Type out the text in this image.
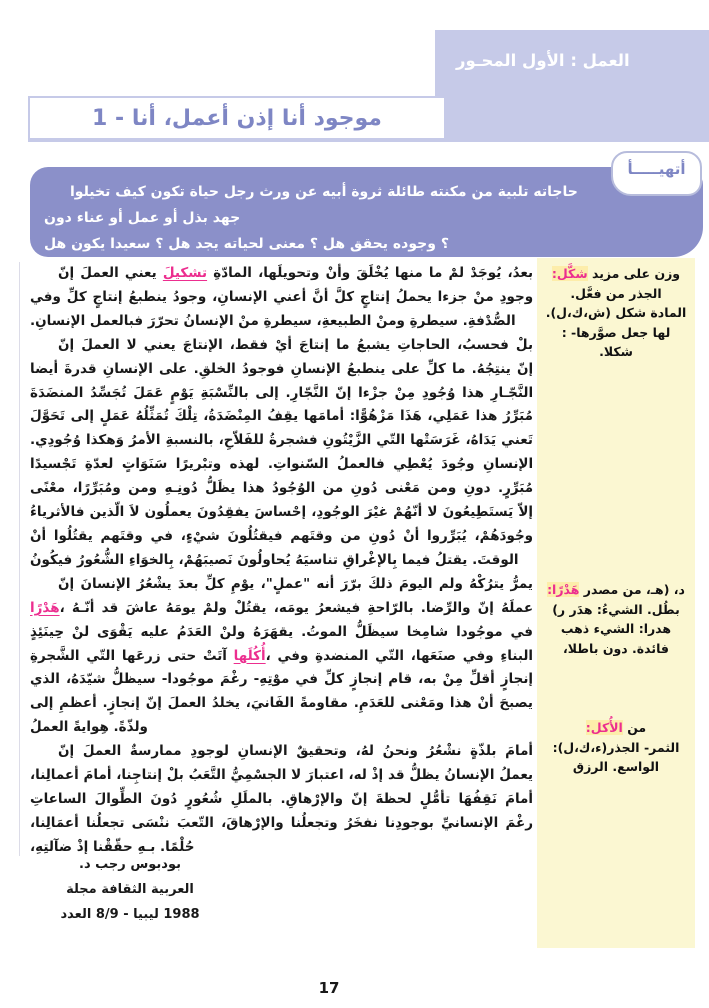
⁧المحـور⁩ ⁧الأول⁩ ⁧:⁩ ⁧العمل⁩
⁧1⁩ ⁧-⁩ ⁧أنا⁩ ⁧أعمل،⁩ ⁧إذن⁩ ⁧أنا⁩ ⁧موجود⁩
أتهيـــــأ
⁧تخيلوا⁩ ⁧كيف⁩ ⁧تكون⁩ ⁧حياة⁩ ⁧رجل⁩ ⁧ورث⁩ ⁧عن⁩ ⁧أبيه⁩ ⁧ثروة⁩ ⁧طائلة⁩ ⁧مكنته⁩ ⁧من⁩ ⁧تلبية⁩ ⁧حاجاته⁩
⁧دون⁩ ⁧عناء⁩ ⁧أو⁩ ⁧عمل⁩ ⁧أو⁩ ⁧بذل⁩ ⁧جهد⁩
⁧هل⁩ ⁧يكون⁩ ⁧سعيدا⁩ ⁧؟⁩ ⁧هل⁩ ⁧يجد⁩ ⁧لحياته⁩ ⁧معنى⁩ ⁧؟⁩ ⁧هل⁩ ⁧يحقق⁩ ⁧وجوده⁩ ⁧؟⁩

⁧إنّ⁩ ⁧العملَ⁩ ⁧يعني⁩ ⁧تشكيلَ⁩ ⁧المادّةِ⁩ ⁧وتحويلَها،⁩ ⁧وأنْ⁩ ⁧يُخْلَقَ⁩ ⁧منها⁩ ⁧ما⁩ ⁧لمْ⁩ ⁧يُوجَدْ⁩ ⁧بعدُ،⁩ ⁧وفي⁩ ⁧كلِّ⁩ ⁧إنتاجٍ⁩ ⁧ينطبعُ⁩ ⁧وجودُ⁩ ⁧الإنسانِ،⁩ ⁧أعني⁩ ⁧أنَّ⁩ ⁧كلَّ⁩ ⁧إنتاجٍ⁩ ⁧يحملُ⁩ ⁧جزءا⁩ ⁧منْ⁩ ⁧وجودِ⁩ ⁧الإنسانِ.⁩ ⁧فبالعمل⁩ ⁧تحرّرَ⁩ ⁧الإنسانُ⁩ ⁧منْ⁩ ⁧سيطرةِ⁩ ⁧الطبيعةِ،⁩ ⁧ومنْ⁩ ⁧سيطرةِ⁩ ⁧الصُّدْفةِ.⁩

⁧إنّ⁩ ⁧العملَ⁩ ⁧لا⁩ ⁧يعني⁩ ⁧الإنتاجَ⁩ ⁧فقط،⁩ ⁧أيْ⁩ ⁧إنتاجَ⁩ ⁧ما⁩ ⁧يشبعُ⁩ ⁧الحاجاتِ⁩ ⁧فحسبُ،⁩ ⁧بلْ⁩ ⁧أيضا⁩ ⁧قدرةَ⁩ ⁧الإنسانِ⁩ ⁧على⁩ ⁧الخلقِ.⁩ ⁧فوجودُ⁩ ⁧الإنسانِ⁩ ⁧ينطبعُ⁩ ⁧على⁩ ⁧كلِّ⁩ ⁧ما⁩ ⁧ينتِجُهُ.⁩ ⁧إنّ⁩ ⁧المنضَدَةَ⁩ ⁧تُجَسِّدُ⁩ ⁧عَمَلَ⁩ ⁧يَوْمٍ⁩ ⁧بالنِّسْبَةِ⁩ ⁧إلى⁩ ⁧النَّجّارِ.⁩ ⁧إنّ⁩ ⁧جزْءا⁩ ⁧مِنْ⁩ ⁧وُجُودِ⁩ ⁧هذا⁩ ⁧النَّجّـارِ⁩ ⁧تَحَوَّلَ⁩ ⁧إلى⁩ ⁧عَمَلٍ⁩ ⁧تُمَثِّلُهُ⁩ ⁧تِلْكَ⁩ ⁧المِنْضَدَةُ،⁩ ⁧يقِفُ⁩ ⁧أمامَها⁩ ⁧مَزْهُوًّا:⁩ ⁧هَذَا⁩ ⁧عَمَلِي،⁩ ⁧هذا⁩ ⁧مُبَرِّرُ⁩ ⁧وُجُودِي.⁩ ⁧وَهكذا⁩ ⁧الأمرُ⁩ ⁧بالنسبةِ⁩ ⁧للفَلاّحِ،⁩ ⁧فشجرةُ⁩ ⁧الزَّيْتُونِ⁩ ⁧التّي⁩ ⁧غَرَسَتْها⁩ ⁧يَدَاهُ،⁩ ⁧تَعني⁩ ⁧تَجْسيدًا⁩ ⁧لعدّةِ⁩ ⁧سَنَوَاتٍ⁩ ⁧وتبْريرًا⁩ ⁧لهذه⁩ ⁧السّنواتِ.⁩ ⁧فالعملُ⁩ ⁧يُعْطِي⁩ ⁧وجُودَ⁩ ⁧الإنسانِ⁩ ⁧معْنًى⁩ ⁧ومُبَرِّرًا،⁩ ⁧ومن⁩ ⁧دُونِـهِ⁩ ⁧يظَلُّ⁩ ⁧هذا⁩ ⁧الوُجُودُ⁩ ⁧من⁩ ⁧دُونِ⁩ ⁧مَعْنى⁩ ⁧ومن⁩ ⁧دونِ⁩ ⁧مُبَرِّرٍ.⁩ ⁧فالأثرياءُ⁩ ⁧الّذين⁩ ⁧لاَ⁩ ⁧يعملُون⁩ ⁧يفقِدُونَ⁩ ⁧إحْساسَ⁩ ⁧الوجُودِ،⁩ ⁧غيْرَ⁩ ⁧أنّهُمْ⁩ ⁧لا⁩ ⁧يَستَطِيعُونَ⁩ ⁧إلاّ⁩ ⁧أنْ⁩ ⁧يقتُلُوا⁩ ⁧وقتَهم⁩ ⁧في⁩ ⁧شيْءٍ،⁩ ⁧فيقتُلُونَ⁩ ⁧وقتَهم⁩ ⁧من⁩ ⁧دُونِ⁩ ⁧أنْ⁩ ⁧يُبَرِّروا⁩ ⁧وجُودَهُمْ،⁩ ⁧فيكُونُ⁩ ⁧الشُّعُورُ⁩ ⁧بِالخوَاءِ⁩ ⁧نَصيبَهُمْ،⁩ ⁧يُحاولُونَ⁩ ⁧تناسيَهُ⁩ ⁧بِالإغْراقِ⁩ ⁧فيما⁩ ⁧يقتلُ⁩ ⁧الوقتَ.⁩

⁧إنّ⁩ ⁧الإنسانَ⁩ ⁧يشْعُرُ⁩ ⁧بعدَ⁩ ⁧كلِّ⁩ ⁧يوْمِ⁩ ⁧"عملٍ"،⁩ ⁧أنه⁩ ⁧برّرَ⁩ ⁧ذلكَ⁩ ⁧اليومَ⁩ ⁧ولم⁩ ⁧يترُكْهُ⁩ ⁧يمرُّ⁩ ⁧هَدْرًا⁩⁧،⁩ ⁧أنّـهُ⁩ ⁧قد⁩ ⁧عاشَ⁩ ⁧يومَهُ⁩ ⁧ولمْ⁩ ⁧يقتُلْ⁩ ⁧يومَه،⁩ ⁧فيشعرُ⁩ ⁧بالرّاحةِ⁩ ⁧والرِّضا.⁩ ⁧إنّ⁩ ⁧عملَهُ⁩ ⁧حِينَئِذٍ⁩ ⁧لنْ⁩ ⁧يَقْوَى⁩ ⁧عليه⁩ ⁧العَدَمُ⁩ ⁧ولنْ⁩ ⁧يقهَرَهُ⁩ ⁧الموتُ.⁩ ⁧سيظَلُّ⁩ ⁧شامِخا⁩ ⁧موجُودا⁩ ⁧في⁩ ⁧الشَّجرةِ⁩ ⁧التّي⁩ ⁧زرعَها⁩ ⁧حتى⁩ ⁧آتَتْ⁩ ⁧أُكُلَها⁩⁧،⁩ ⁧وفي⁩ ⁧المنضدةِ⁩ ⁧التّي⁩ ⁧صنَعَها،⁩ ⁧وفي⁩ ⁧البناءِ⁩ ⁧الذي⁩ ⁧شيّدَهُ،⁩ ⁧سيظلُّ⁩ ⁧موجُودا-⁩ ⁧رغْمَ⁩ ⁧موْتِهِ-⁩ ⁧في⁩ ⁧كلِّ⁩ ⁧إنجازٍ⁩ ⁧قام⁩ ⁧به،⁩ ⁧مِنْ⁩ ⁧أقلِّ⁩ ⁧إنجازٍ⁩ ⁧إلى⁩ ⁧أعظمِ⁩ ⁧إنجازٍ.⁩ ⁧إنّ⁩ ⁧العملَ⁩ ⁧يخلدُ⁩ ⁧الفَانيَ،⁩ ⁧مقاومةً⁩ ⁧للعَدَمِ.⁩ ⁧ومَعْنى⁩ ⁧هذا⁩ ⁧أنْ⁩ ⁧يصبحَ⁩ ⁧العملُ⁩ ⁧هِوايةً⁩ ⁧ولذّةً.⁩

⁧إنّ⁩ ⁧العملَ⁩ ⁧ممارسةٌ⁩ ⁧لوجودِ⁩ ⁧الإنسانِ⁩ ⁧وتحقيقٌ⁩ ⁧لهُ،⁩ ⁧ونحنُ⁩ ⁧نشْعُرُ⁩ ⁧بلذّةٍ⁩ ⁧أمامَ⁩ ⁧أعمالِنا،⁩ ⁧أمامَ⁩ ⁧إنتاجِنا،⁩ ⁧بلْ⁩ ⁧التَّعَبُ⁩ ⁧الجسْمِيُّ⁩ ⁧لا⁩ ⁧اعتبارَ⁩ ⁧له،⁩ ⁧إذْ⁩ ⁧قد⁩ ⁧يظلُّ⁩ ⁧الإنسانُ⁩ ⁧يعملُ⁩ ⁧الساعاتِ⁩ ⁧الطِّوالَ⁩ ⁧دُونَ⁩ ⁧شُعُورٍ⁩ ⁧بالملَلِ⁩ ⁧والإرْهاقِ.⁩ ⁧إنّ⁩ ⁧لحظةَ⁩ ⁧تأمُّلٍ⁩ ⁧نَقِفُهَا⁩ ⁧أمامَ⁩ ⁧أعمَالِنا،⁩ ⁧تجعلُنا⁩ ⁧ننْسَى⁩ ⁧التّعبَ⁩ ⁧والإرْهاقَ،⁩ ⁧وتجعلُنا⁩ ⁧نفخَرُ⁩ ⁧بوجودِنا⁩ ⁧الإنسانيِّ⁩ ⁧رغْمَ⁩ ⁧ضآلتِهِ،⁩ ⁧إذْ⁩ ⁧حقّقْنا⁩ ⁧بـهِ⁩ ⁧حُلْمًا.⁩

⁧شكَّل:⁩ ⁧مزيد⁩ ⁧على⁩ ⁧وزن⁩ ⁧فعَّل.⁩ ⁧من⁩ ⁧الجذر⁩ ⁧(ش،ك،ل).⁩ ⁧شكل⁩ ⁧المادة⁩ ⁧:⁩ ⁧صوَّرها-⁩ ⁧جعل⁩ ⁧لها⁩ ⁧شكلا.⁩
⁧هَدْرًا:⁩ ⁧مصدر⁩ ⁧من⁩ ⁧(هـ،⁩ ⁧د،⁩ ⁧ر)⁩ ⁧هدَر⁩ ⁧الشيءُ:⁩ ⁧بطُل.⁩ ⁧ذهب⁩ ⁧الشيء⁩ ⁧هدرا:⁩ ⁧باطلا،⁩ ⁧دون⁩ ⁧فائدة.⁩
⁧الأُكل:⁩ ⁧من⁩ ⁧الجذر(ء،ك،ل):⁩ ⁧الثمر-⁩ ⁧الرزق⁩ ⁧الواسع.⁩
⁧د.⁩ ⁧رجب⁩ ⁧بودبوس⁩
⁧مجلة⁩ ⁧الثقافة⁩ ⁧العربية⁩
⁧العدد⁩ ⁧8/9⁩ ⁧-⁩ ⁧ليبيا⁩ ⁧1988⁩
17
